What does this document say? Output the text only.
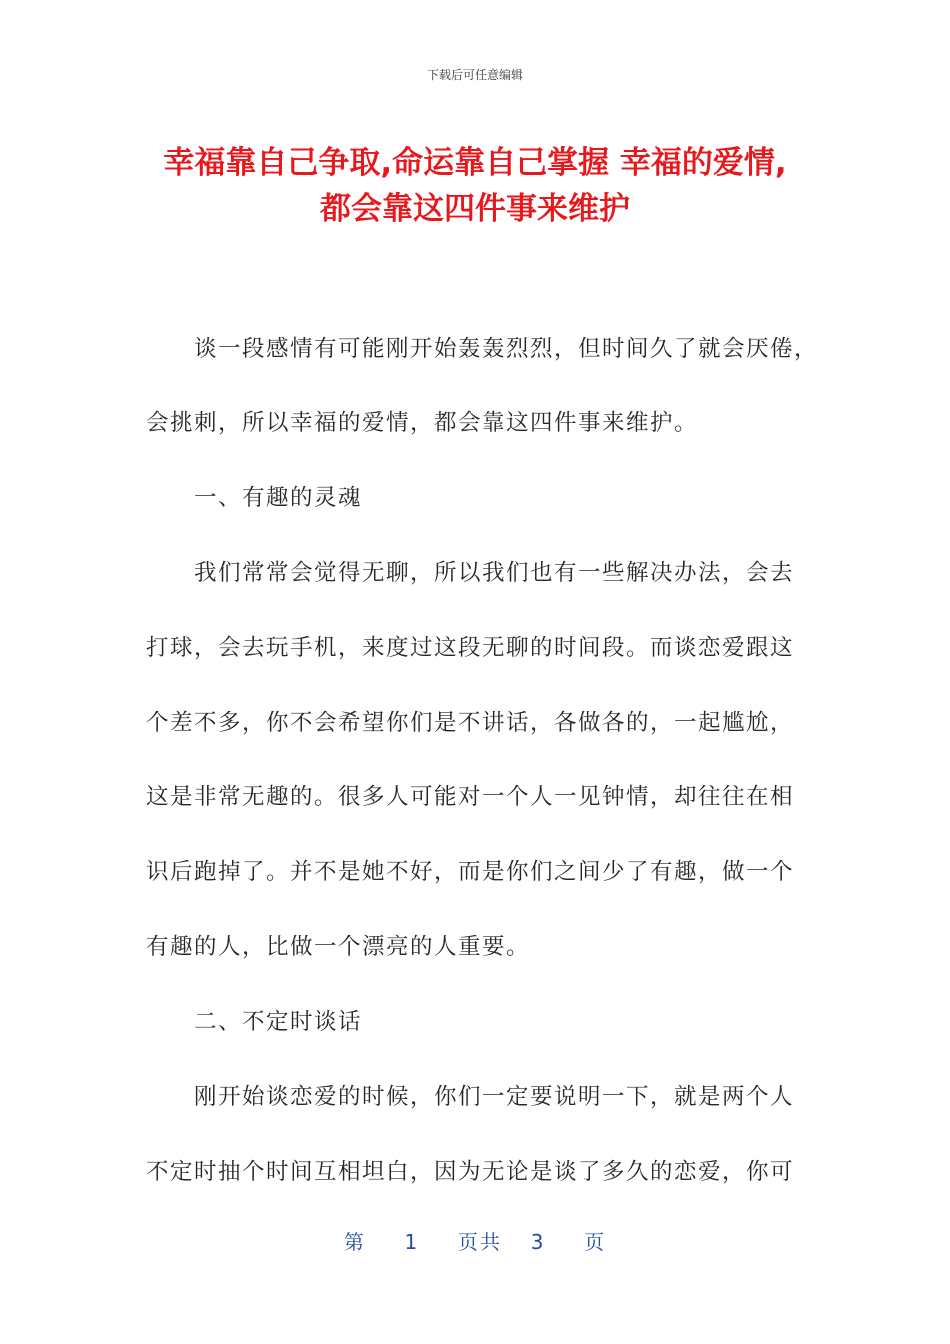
下载后可任意编辑
幸福靠自己争取,命运靠自己掌握 幸福的爱情,
都会靠这四件事来维护
　　谈一段感情有可能刚开始轰轰烈烈，但时间久了就会厌倦，
会挑刺，所以幸福的爱情，都会靠这四件事来维护。
　　一、有趣的灵魂
　　我们常常会觉得无聊，所以我们也有一些解决办法，会去
打球，会去玩手机，来度过这段无聊的时间段。而谈恋爱跟这
个差不多，你不会希望你们是不讲话，各做各的，一起尴尬，
这是非常无趣的。很多人可能对一个人一见钟情，却往往在相
识后跑掉了。并不是她不好，而是你们之间少了有趣，做一个
有趣的人，比做一个漂亮的人重要。
　　二、不定时谈话
　　刚开始谈恋爱的时候，你们一定要说明一下，就是两个人
不定时抽个时间互相坦白，因为无论是谈了多久的恋爱，你可
第 1 页共 3 页
